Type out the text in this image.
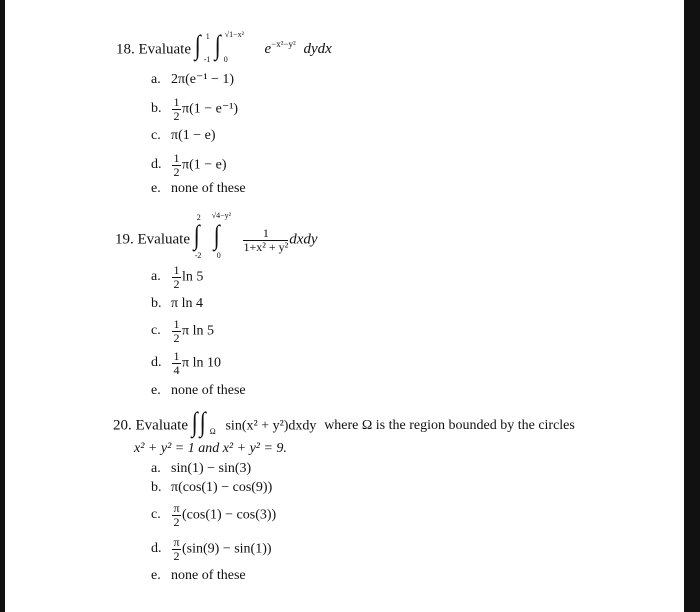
18. Evaluate ∫ 1
-1 ∫ √1−x²
0
$e^{-x^2-y^2}$ dydx
a. 2π(e⁻¹ − 1)
b. $\frac{1}{2} \pi(1 - e^{-1})$
c. π(1 − e)
d. $\frac{1}{2} \pi(1 - e)$
e. none of these
19. Evaluate ∫
2
-2
∫
√4−y²
0

$\frac{1}{\text{1+x² + y²}}$ dxdy
a. $\frac{1}{2}$ ln 5
b. π ln 4
c. $\frac{1}{2}$ π ln 5
d. $\frac{1}{4}$ π ln 10
e. none of these
20. Evaluate ∫ ∫ Ω sin(x² + y²)dxdy where Ω is the region bounded by the circles
x² + y² = 1 and x² + y² = 9.
a. sin(1) − sin(3)
b. π(cos(1) − cos(9))
c. $\frac{\pi}{2} (\cos(1) - \cos(3))$
d. $\frac{\pi}{2} (\sin(9) - \sin(1))$
e. none of these
